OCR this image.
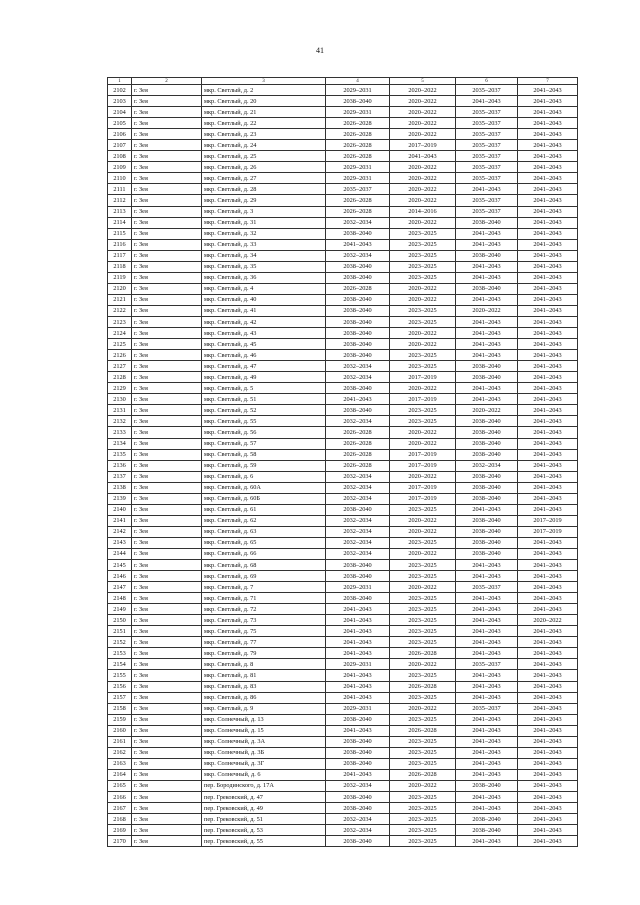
41
1	2	3	4	5	6	7
2102	г. Зея	мкр. Светлый, д. 2	2029–2031	2020–2022	2035–2037	2041–2043
2103	г. Зея	мкр. Светлый, д. 20	2038–2040	2020–2022	2041–2043	2041–2043
2104	г. Зея	мкр. Светлый, д. 21	2029–2031	2020–2022	2035–2037	2041–2043
2105	г. Зея	мкр. Светлый, д. 22	2026–2028	2020–2022	2035–2037	2041–2043
2106	г. Зея	мкр. Светлый, д. 23	2026–2028	2020–2022	2035–2037	2041–2043
2107	г. Зея	мкр. Светлый, д. 24	2026–2028	2017–2019	2035–2037	2041–2043
2108	г. Зея	мкр. Светлый, д. 25	2026–2028	2041–2043	2035–2037	2041–2043
2109	г. Зея	мкр. Светлый, д. 26	2029–2031	2020–2022	2035–2037	2041–2043
2110	г. Зея	мкр. Светлый, д. 27	2029–2031	2020–2022	2035–2037	2041–2043
2111	г. Зея	мкр. Светлый, д. 28	2035–2037	2020–2022	2041–2043	2041–2043
2112	г. Зея	мкр. Светлый, д. 29	2026–2028	2020–2022	2035–2037	2041–2043
2113	г. Зея	мкр. Светлый, д. 3	2026–2028	2014–2016	2035–2037	2041–2043
2114	г. Зея	мкр. Светлый, д. 31	2032–2034	2020–2022	2038–2040	2041–2043
2115	г. Зея	мкр. Светлый, д. 32	2038–2040	2023–2025	2041–2043	2041–2043
2116	г. Зея	мкр. Светлый, д. 33	2041–2043	2023–2025	2041–2043	2041–2043
2117	г. Зея	мкр. Светлый, д. 34	2032–2034	2023–2025	2038–2040	2041–2043
2118	г. Зея	мкр. Светлый, д. 35	2038–2040	2023–2025	2041–2043	2041–2043
2119	г. Зея	мкр. Светлый, д. 36	2038–2040	2023–2025	2041–2043	2041–2043
2120	г. Зея	мкр. Светлый, д. 4	2026–2028	2020–2022	2038–2040	2041–2043
2121	г. Зея	мкр. Светлый, д. 40	2038–2040	2020–2022	2041–2043	2041–2043
2122	г. Зея	мкр. Светлый, д. 41	2038–2040	2023–2025	2020–2022	2041–2043
2123	г. Зея	мкр. Светлый, д. 42	2038–2040	2023–2025	2041–2043	2041–2043
2124	г. Зея	мкр. Светлый, д. 43	2038–2040	2020–2022	2041–2043	2041–2043
2125	г. Зея	мкр. Светлый, д. 45	2038–2040	2020–2022	2041–2043	2041–2043
2126	г. Зея	мкр. Светлый, д. 46	2038–2040	2023–2025	2041–2043	2041–2043
2127	г. Зея	мкр. Светлый, д. 47	2032–2034	2023–2025	2038–2040	2041–2043
2128	г. Зея	мкр. Светлый, д. 49	2032–2034	2017–2019	2038–2040	2041–2043
2129	г. Зея	мкр. Светлый, д. 5	2038–2040	2020–2022	2041–2043	2041–2043
2130	г. Зея	мкр. Светлый, д. 51	2041–2043	2017–2019	2041–2043	2041–2043
2131	г. Зея	мкр. Светлый, д. 52	2038–2040	2023–2025	2020–2022	2041–2043
2132	г. Зея	мкр. Светлый, д. 55	2032–2034	2023–2025	2038–2040	2041–2043
2133	г. Зея	мкр. Светлый, д. 56	2026–2028	2020–2022	2038–2040	2041–2043
2134	г. Зея	мкр. Светлый, д. 57	2026–2028	2020–2022	2038–2040	2041–2043
2135	г. Зея	мкр. Светлый, д. 58	2026–2028	2017–2019	2038–2040	2041–2043
2136	г. Зея	мкр. Светлый, д. 59	2026–2028	2017–2019	2032–2034	2041–2043
2137	г. Зея	мкр. Светлый, д. 6	2032–2034	2020–2022	2038–2040	2041–2043
2138	г. Зея	мкр. Светлый, д. 60А	2032–2034	2017–2019	2038–2040	2041–2043
2139	г. Зея	мкр. Светлый, д. 60Б	2032–2034	2017–2019	2038–2040	2041–2043
2140	г. Зея	мкр. Светлый, д. 61	2038–2040	2023–2025	2041–2043	2041–2043
2141	г. Зея	мкр. Светлый, д. 62	2032–2034	2020–2022	2038–2040	2017–2019
2142	г. Зея	мкр. Светлый, д. 63	2032–2034	2020–2022	2038–2040	2017–2019
2143	г. Зея	мкр. Светлый, д. 65	2032–2034	2023–2025	2038–2040	2041–2043
2144	г. Зея	мкр. Светлый, д. 66	2032–2034	2020–2022	2038–2040	2041–2043
2145	г. Зея	мкр. Светлый, д. 68	2038–2040	2023–2025	2041–2043	2041–2043
2146	г. Зея	мкр. Светлый, д. 69	2038–2040	2023–2025	2041–2043	2041–2043
2147	г. Зея	мкр. Светлый, д. 7	2029–2031	2020–2022	2035–2037	2041–2043
2148	г. Зея	мкр. Светлый, д. 71	2038–2040	2023–2025	2041–2043	2041–2043
2149	г. Зея	мкр. Светлый, д. 72	2041–2043	2023–2025	2041–2043	2041–2043
2150	г. Зея	мкр. Светлый, д. 73	2041–2043	2023–2025	2041–2043	2020–2022
2151	г. Зея	мкр. Светлый, д. 75	2041–2043	2023–2025	2041–2043	2041–2043
2152	г. Зея	мкр. Светлый, д. 77	2041–2043	2023–2025	2041–2043	2041–2043
2153	г. Зея	мкр. Светлый, д. 79	2041–2043	2026–2028	2041–2043	2041–2043
2154	г. Зея	мкр. Светлый, д. 8	2029–2031	2020–2022	2035–2037	2041–2043
2155	г. Зея	мкр. Светлый, д. 81	2041–2043	2023–2025	2041–2043	2041–2043
2156	г. Зея	мкр. Светлый, д. 83	2041–2043	2026–2028	2041–2043	2041–2043
2157	г. Зея	мкр. Светлый, д. 86	2041–2043	2023–2025	2041–2043	2041–2043
2158	г. Зея	мкр. Светлый, д. 9	2029–2031	2020–2022	2035–2037	2041–2043
2159	г. Зея	мкр. Солнечный, д. 13	2038–2040	2023–2025	2041–2043	2041–2043
2160	г. Зея	мкр. Солнечный, д. 15	2041–2043	2026–2028	2041–2043	2041–2043
2161	г. Зея	мкр. Солнечный, д. 3А	2038–2040	2023–2025	2041–2043	2041–2043
2162	г. Зея	мкр. Солнечный, д. 3Б	2038–2040	2023–2025	2041–2043	2041–2043
2163	г. Зея	мкр. Солнечный, д. 3Г	2038–2040	2023–2025	2041–2043	2041–2043
2164	г. Зея	мкр. Солнечный, д. 6	2041–2043	2026–2028	2041–2043	2041–2043
2165	г. Зея	пер. Бородинского, д. 17А	2032–2034	2020–2022	2038–2040	2041–2043
2166	г. Зея	пер. Грековский, д. 47	2038–2040	2023–2025	2041–2043	2041–2043
2167	г. Зея	пер. Грековский, д. 49	2038–2040	2023–2025	2041–2043	2041–2043
2168	г. Зея	пер. Грековский, д. 51	2032–2034	2023–2025	2038–2040	2041–2043
2169	г. Зея	пер. Грековский, д. 53	2032–2034	2023–2025	2038–2040	2041–2043
2170	г. Зея	пер. Грековский, д. 55	2038–2040	2023–2025	2041–2043	2041–2043
